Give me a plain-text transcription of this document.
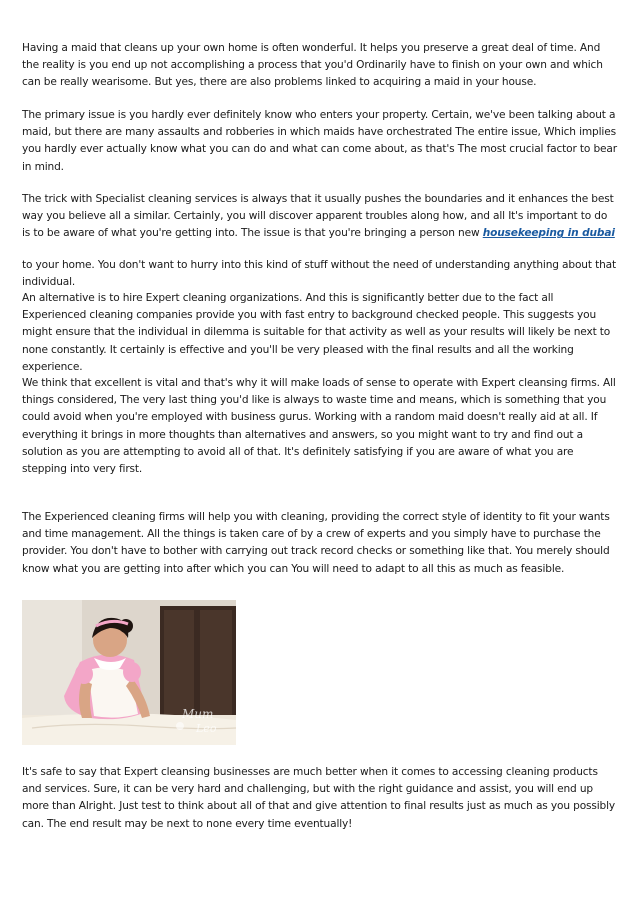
Having a maid that cleans up your own home is often wonderful. It helps you preserve a great deal of time. And the reality is you end up not accomplishing a process that you'd Ordinarily have to finish on your own and which can be really wearisome. But yes, there are also problems linked to acquiring a maid in your house.

The primary issue is you hardly ever definitely know who enters your property. Certain, we've been talking about a maid, but there are many assaults and robberies in which maids have orchestrated The entire issue, Which implies you hardly ever actually know what you can do and what can come about, as that's The most crucial factor to bear in mind.

The trick with Specialist cleaning services is always that it usually pushes the boundaries and it enhances the best way you believe all a similar. Certainly, you will discover apparent troubles along how, and all It's important to do is to be aware of what you're getting into. The issue is that you're bringing a person new housekeeping in dubai

to your home. You don't want to hurry into this kind of stuff without the need of understanding anything about that individual.

An alternative is to hire Expert cleaning organizations. And this is significantly better due to the fact all Experienced cleaning companies provide you with fast entry to background checked people. This suggests you might ensure that the individual in dilemma is suitable for that activity as well as your results will likely be next to none constantly. It certainly is effective and you'll be very pleased with the final results and all the working experience.

We think that excellent is vital and that's why it will make loads of sense to operate with Expert cleansing firms. All things considered, The very last thing you'd like is always to waste time and means, which is something that you could avoid when you're employed with business gurus. Working with a random maid doesn't really aid at all. If everything it brings in more thoughts than alternatives and answers, so you might want to try and find out a solution as you are attempting to avoid all of that. It's definitely satisfying if you are aware of what you are stepping into very first.

The Experienced cleaning firms will help you with cleaning, providing the correct style of identity to fit your wants and time management. All the things is taken care of by a crew of experts and you simply have to purchase the provider. You don't have to bother with carrying out track record checks or something like that. You merely should know what you are getting into after which you can You will need to adapt to all this as much as feasible.

Mum
Leo

It's safe to say that Expert cleansing businesses are much better when it comes to accessing cleaning products and services. Sure, it can be very hard and challenging, but with the right guidance and assist, you will end up more than Alright. Just test to think about all of that and give attention to final results just as much as you possibly can. The end result may be next to none every time eventually!
